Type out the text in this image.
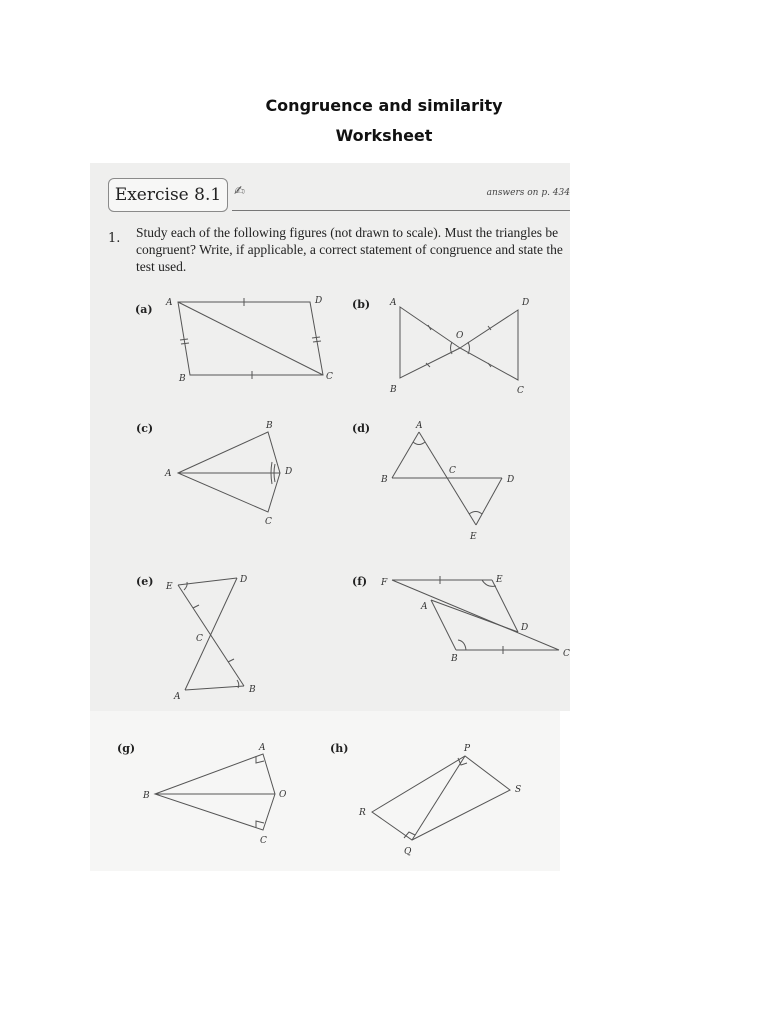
Congruence and similarity
Worksheet
Exercise 8.1 ✍	answers on p. 434
1. Study each of the following figures (not drawn to scale). Must the triangles be congruent? Write, if applicable, a correct statement of congruence and state the test used.
(a) A	D
B	C
(b) A	D
O
B	C
(c)	B
A	D
C
(d)	A
B
C
D
E
(e) E
D
C
B
A
(f) F	E
A
D
B	C
(g)	A
B	O
C
(h)	P
S
R
Q
